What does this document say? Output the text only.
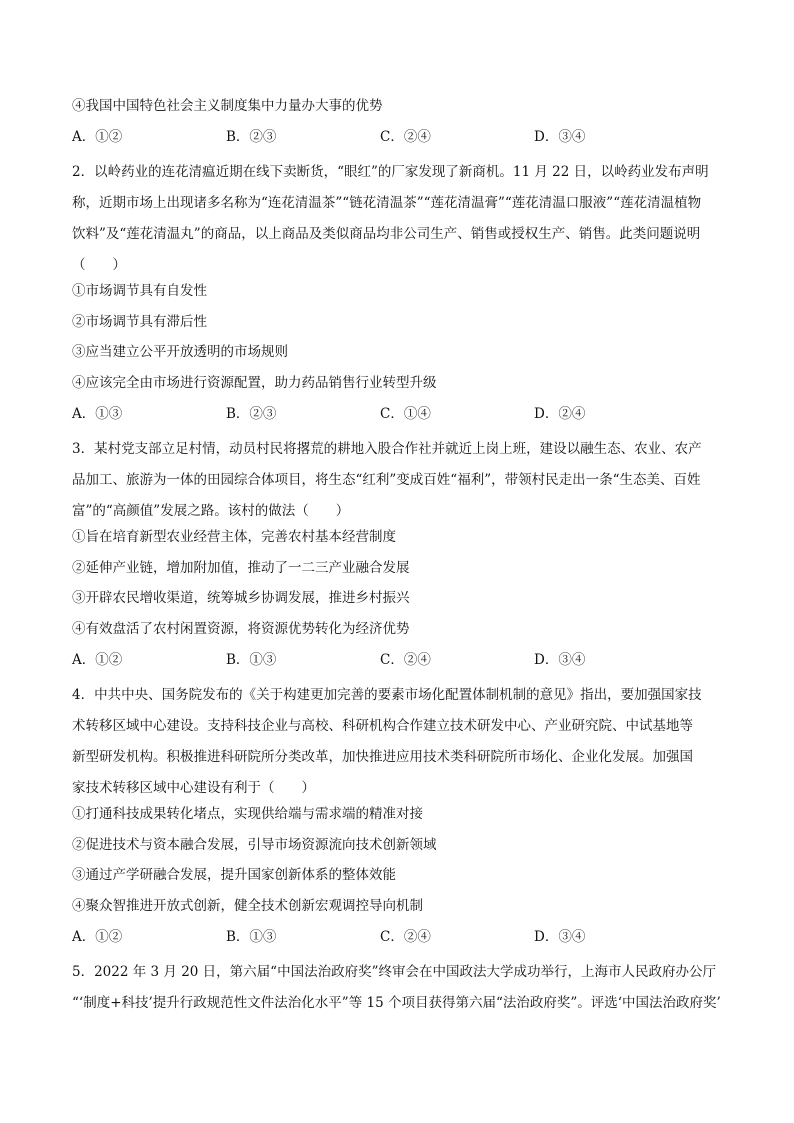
④我国中国特色社会主义制度集中力量办大事的优势
A．①②	B．②③	C．②④	D．③④
2．以岭药业的连花清瘟近期在线下卖断货，“眼红”的厂家发现了新商机。11 月 22 日，以岭药业发布声明
称，近期市场上出现诸多名称为“连花清温茶”“链花清温茶”“莲花清温膏”“莲花清温口服液”“莲花清温植物
饮料”及“莲花清温丸”的商品，以上商品及类似商品均非公司生产、销售或授权生产、销售。此类问题说明
（　　）
①市场调节具有自发性
②市场调节具有滞后性
③应当建立公平开放透明的市场规则
④应该完全由市场进行资源配置，助力药品销售行业转型升级
A．①③	B．②③	C．①④	D．②④
3．某村党支部立足村情，动员村民将撂荒的耕地入股合作社并就近上岗上班，建设以融生态、农业、农产
品加工、旅游为一体的田园综合体项目，将生态“红利”变成百姓“福利”，带领村民走出一条“生态美、百姓
富”的“高颜值”发展之路。该村的做法（　　）
①旨在培育新型农业经营主体，完善农村基本经营制度
②延伸产业链，增加附加值，推动了一二三产业融合发展
③开辟农民增收渠道，统筹城乡协调发展，推进乡村振兴
④有效盘活了农村闲置资源，将资源优势转化为经济优势
A．①②	B．①③	C．②④	D．③④
4．中共中央、国务院发布的《关于构建更加完善的要素市场化配置体制机制的意见》指出，要加强国家技
术转移区域中心建设。支持科技企业与高校、科研机构合作建立技术研发中心、产业研究院、中试基地等
新型研发机构。积极推进科研院所分类改革，加快推进应用技术类科研院所市场化、企业化发展。加强国
家技术转移区域中心建设有利于（　　）
①打通科技成果转化堵点，实现供给端与需求端的精准对接
②促进技术与资本融合发展，引导市场资源流向技术创新领域
③通过产学研融合发展，提升国家创新体系的整体效能
④聚众智推进开放式创新，健全技术创新宏观调控导向机制
A．①②	B．①③	C．②④	D．③④
5．2022 年 3 月 20 日，第六届“中国法治政府奖”终审会在中国政法大学成功举行，上海市人民政府办公厅
“‘制度+科技’提升行政规范性文件法治化水平”等 15 个项目获得第六届“法治政府奖”。评选‘中国法治政府奖’
